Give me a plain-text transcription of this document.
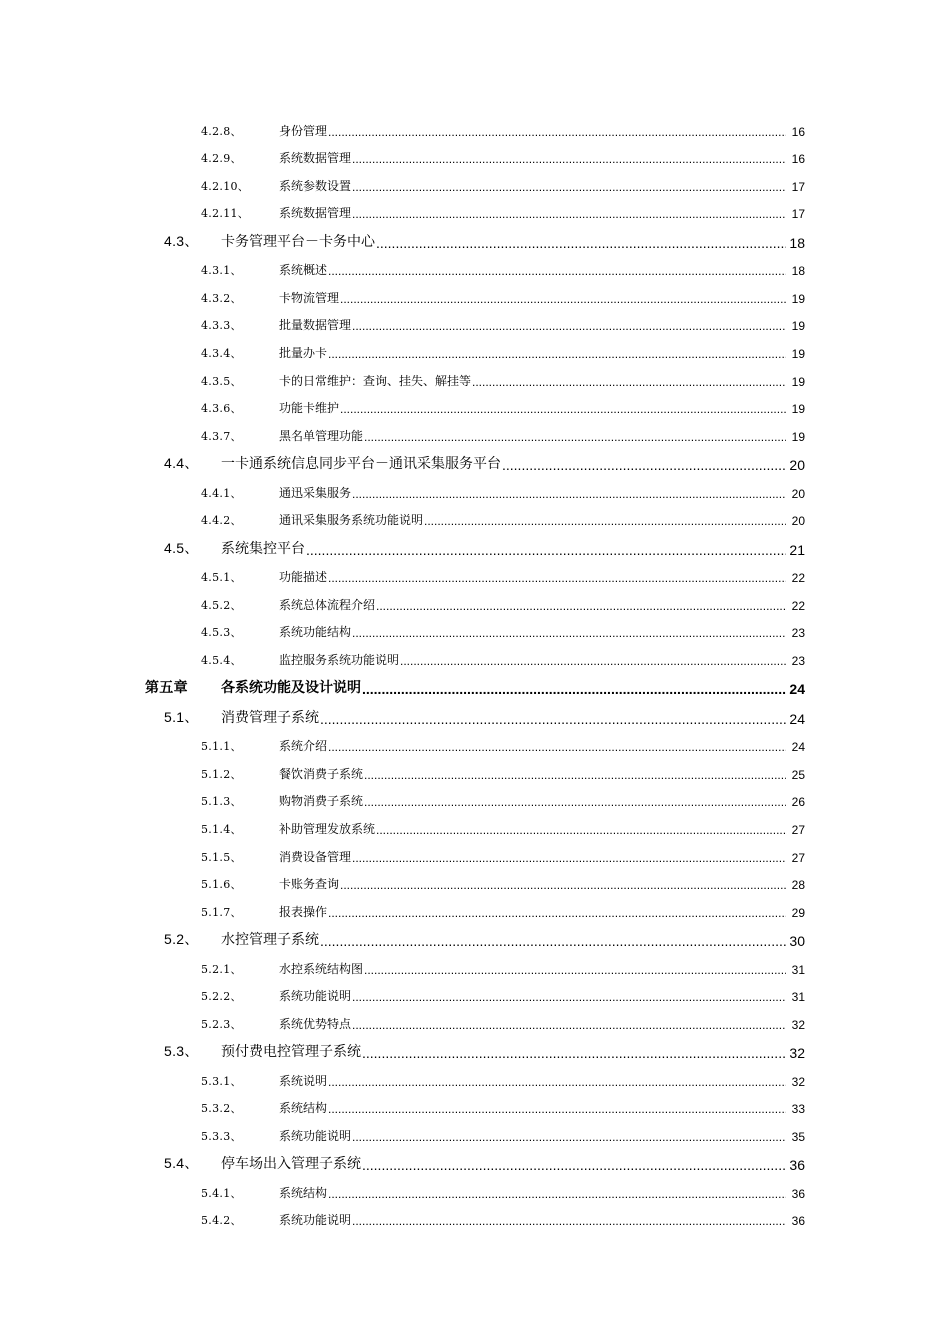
4.2.8、	身份管理 .....	16
4.2.9、	系统数据管理 .....	16
4.2.10、	系统参数设置 .....	17
4.2.11、	系统数据管理 .....	17
4.3、	卡务管理平台－卡务中心 .....	18
4.3.1、	系统概述 .....	18
4.3.2、	卡物流管理 .....	19
4.3.3、	批量数据管理 .....	19
4.3.4、	批量办卡 .....	19
4.3.5、	卡的日常维护：查询、挂失、解挂等 .....	19
4.3.6、	功能卡维护 .....	19
4.3.7、	黑名单管理功能 .....	19
4.4、	一卡通系统信息同步平台－通讯采集服务平台 .....	20
4.4.1、	通迅采集服务 .....	20
4.4.2、	通讯采集服务系统功能说明 .....	20
4.5、	系统集控平台 .....	21
4.5.1、	功能描述 .....	22
4.5.2、	系统总体流程介绍 .....	22
4.5.3、	系统功能结构 .....	23
4.5.4、	监控服务系统功能说明 .....	23
第五章	各系统功能及设计说明 .....	24
5.1、	消费管理子系统 .....	24
5.1.1、	系统介绍 .....	24
5.1.2、	餐饮消费子系统 .....	25
5.1.3、	购物消费子系统 .....	26
5.1.4、	补助管理发放系统 .....	27
5.1.5、	消费设备管理 .....	27
5.1.6、	卡账务查询 .....	28
5.1.7、	报表操作 .....	29
5.2、	水控管理子系统 .....	30
5.2.1、	水控系统结构图 .....	31
5.2.2、	系统功能说明 .....	31
5.2.3、	系统优势特点 .....	32
5.3、	预付费电控管理子系统 .....	32
5.3.1、	系统说明 .....	32
5.3.2、	系统结构 .....	33
5.3.3、	系统功能说明 .....	35
5.4、	停车场出入管理子系统 .....	36
5.4.1、	系统结构 .....	36
5.4.2、	系统功能说明 .....	36
